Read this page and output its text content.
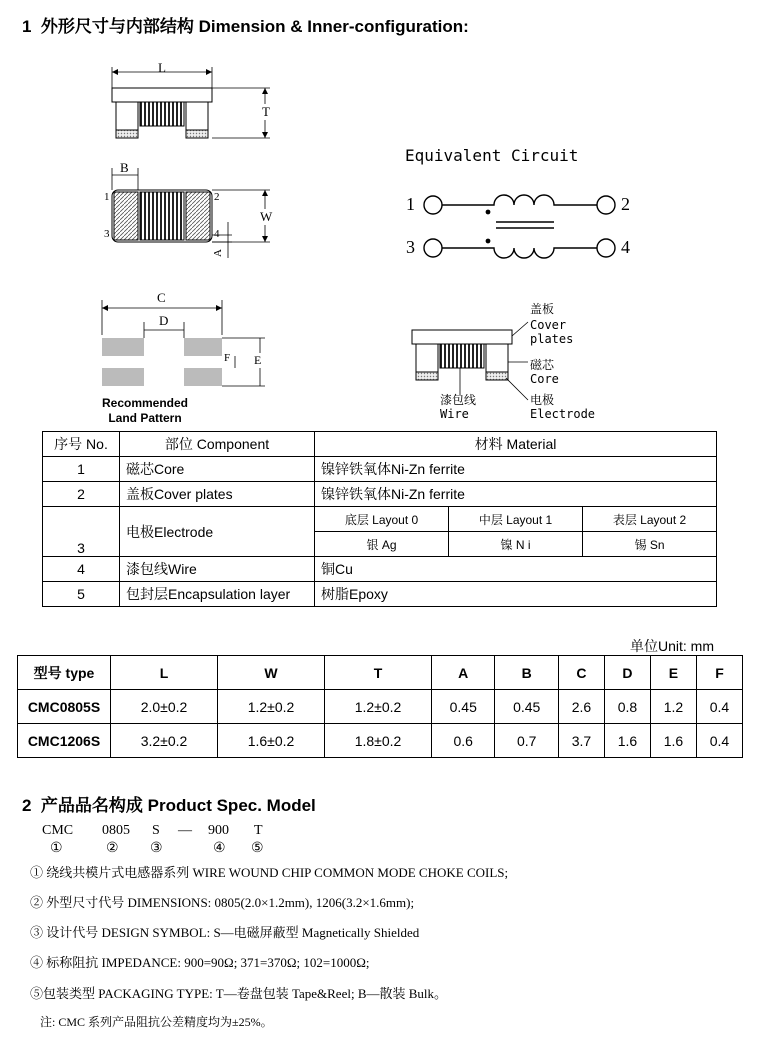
1 外形尺寸与内部结构 Dimension & Inner-configuration:
L
T
B
1	2
3	4
W
A
C
D
E
F
Recommended
Land Pattern
Equivalent Circuit
1	2
3	4
盖板
Cover
plates
磁芯
Core
电极
Electrode
漆包线
Wire
序号 No.	部位 Component	材料 Material		
1	磁芯Core	镍锌铁氧体Ni-Zn ferrite		
2	盖板Cover plates	镍锌铁氧体Ni-Zn ferrite		
3	电极Electrode	底层 Layout 0	中层 Layout 1	表层 Layout 2
		银 Ag	镍 N i	锡 Sn
4	漆包线Wire	铜Cu		
5	包封层Encapsulation layer	树脂Epoxy		
单位Unit: mm
型号 type	L	W	T	A	B	C	D	E	F
CMC0805S	2.0±0.2	1.2±0.2	1.2±0.2	0.45	0.45	2.6	0.8	1.2	0.4
CMC1206S	3.2±0.2	1.6±0.2	1.8±0.2	0.6	0.7	3.7	1.6	1.6	0.4
2 产品品名构成 Product Spec. Model
CMC 0805 S — 900 T
①	② ③	④ ⑤
① 绕线共模片式电感器系列 WIRE WOUND CHIP COMMON MODE CHOKE COILS;
② 外型尺寸代号 DIMENSIONS: 0805(2.0×1.2mm), 1206(3.2×1.6mm);
③ 设计代号 DESIGN SYMBOL: S—电磁屏蔽型 Magnetically Shielded
④ 标称阻抗 IMPEDANCE: 900=90Ω; 371=370Ω; 102=1000Ω;
⑤包装类型 PACKAGING TYPE: T—卷盘包装 Tape&Reel; B—散装 Bulk。
注: CMC 系列产品阻抗公差精度均为±25%。
